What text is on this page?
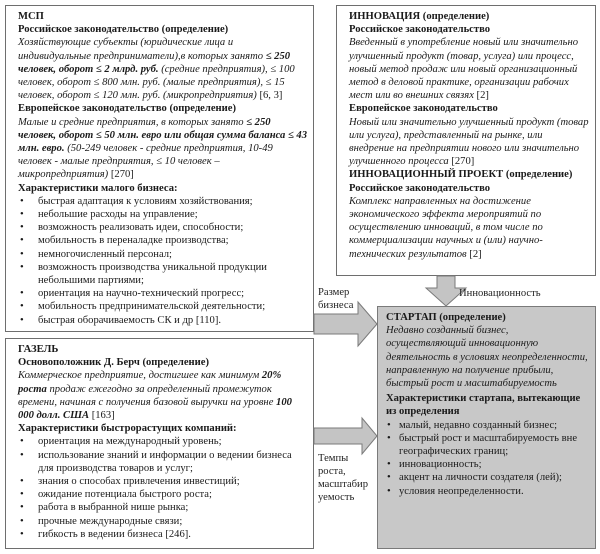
МСП
Российское законодательство (определение)
Хозяйствующие субъекты (юридические лица и индивидуальные предприниматели),в которых занято ≤ 250 человек, оборот ≤ 2 млрд. руб. (средние предприятия), ≤ 100 человек, оборот ≤ 800 млн. руб. (малые предприятия), ≤ 15 человек, оборот ≤ 120 млн. руб. (микропредприятия) [6, 3]
Европейское законодательство (определение)
Малые и средние предприятия, в которых занято ≤ 250 человек, оборот ≤ 50 млн. евро или общая сумма баланса ≤ 43 млн. евро. (50-249 человек - средние предприятия, 10-49 человек - малые предприятия, ≤ 10 человек – микропредприятия) [270]
Характеристики малого бизнеса:
• быстрая адаптация к условиям хозяйствования;
• небольшие расходы на управление;
• возможность реализовать идеи, способности;
• мобильность в переналадке производства;
• немногочисленный персонал;
• возможность производства уникальной продукции небольшими партиями;
• ориентация на научно-технический прогресс;
• мобильность предпринимательской деятельности;
• быстрая оборачиваемость СК и др [110].
ИННОВАЦИЯ (определение)
Российское законодательство
Введенный в употребление новый или значительно улучшенный продукт (товар, услуга) или процесс, новый метод продаж или новый организационный метод в деловой практике, организации рабочих мест или во внешних связях [2]
Европейское законодательство
Новый или значительно улучшенный продукт (товар или услуга), представленный на рынке, или внедрение на предприятии нового или значительно улучшенного процесса [270]
ИННОВАЦИОННЫЙ ПРОЕКТ (определение)
Российское законодательство
Комплекс направленных на достижение экономического эффекта мероприятий по осуществлению инноваций, в том числе по коммерциализации научных и (или) научно-технических результатов [2]
ГАЗЕЛЬ
Основоположник Д. Берч (определение)
Коммерческое предприятие, достигшее как минимум 20% роста продаж ежегодно за определенный промежуток времени, начиная с получения базовой выручки на уровне 100 000 долл. США [163]
Характеристики быстрорастущих компаний:
• ориентация на международный уровень;
• использование знаний и информации о ведении бизнеса для производства товаров и услуг;
• знания о способах привлечения инвестиций;
• ожидание потенциала быстрого роста;
• работа в выбранной нише рынка;
• прочные международные связи;
• гибкость в ведении бизнеса [246].
СТАРТАП (определение)
Недавно созданный бизнес, осуществляющий инновационную деятельность в условиях неопределенности, направленную на получение прибыли, быстрый рост и масштабируемость
Характеристики стартапа, вытекающие из определения
• малый, недавно созданный бизнес;
• быстрый рост и масштабируемость вне географических границ;
• инновационность;
• акцент на личности создателя (лей);
• условия неопределенности.
Инновационность
Размер бизнеса
Темпы роста, масштабир уемость
